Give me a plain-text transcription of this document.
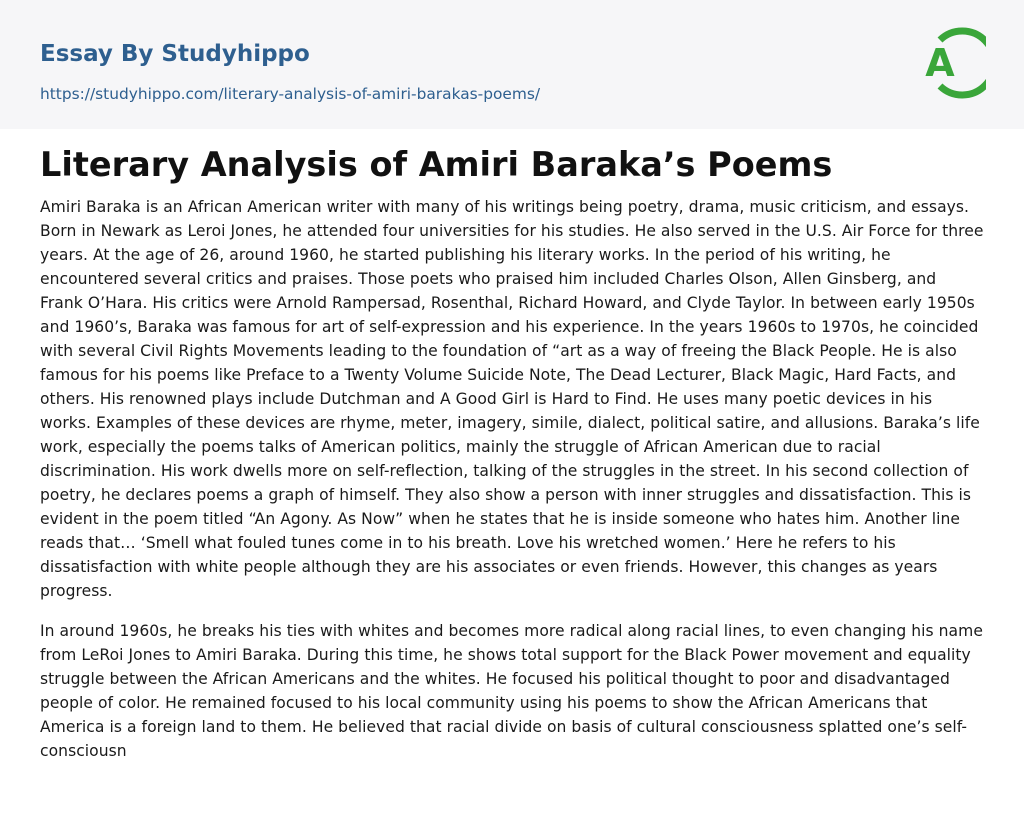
Essay By Studyhippo
https://studyhippo.com/literary-analysis-of-amiri-barakas-poems/
A
Literary Analysis of Amiri Baraka’s Poems

Amiri Baraka is an African American writer with many of his writings being poetry, drama, music criticism, and essays. Born in Newark as Leroi Jones, he attended four universities for his studies. He also served in the U.S. Air Force for three years. At the age of 26, around 1960, he started publishing his literary works. In the period of his writing, he encountered several critics and praises. Those poets who praised him included Charles Olson, Allen Ginsberg, and Frank O’Hara. His critics were Arnold Rampersad, Rosenthal, Richard Howard, and Clyde Taylor. In between early 1950s and 1960’s, Baraka was famous for art of self-expression and his experience. In the years 1960s to 1970s, he coincided with several Civil Rights Movements leading to the foundation of “art as a way of freeing the Black People. He is also famous for his poems like Preface to a Twenty Volume Suicide Note, The Dead Lecturer, Black Magic, Hard Facts, and others. His renowned plays include Dutchman and A Good Girl is Hard to Find. He uses many poetic devices in his works. Examples of these devices are rhyme, meter, imagery, simile, dialect, political satire, and allusions. Baraka’s life work, especially the poems talks of American politics, mainly the struggle of African American due to racial discrimination. His work dwells more on self-reflection, talking of the struggles in the street. In his second collection of poetry, he declares poems a graph of himself. They also show a person with inner struggles and dissatisfaction. This is evident in the poem titled “An Agony. As Now” when he states that he is inside someone who hates him. Another line reads that… ‘Smell what fouled tunes come in to his breath. Love his wretched women.’ Here he refers to his dissatisfaction with white people although they are his associates or even friends. However, this changes as years progress.

In around 1960s, he breaks his ties with whites and becomes more radical along racial lines, to even changing his name from LeRoi Jones to Amiri Baraka. During this time, he shows total support for the Black Power movement and equality struggle between the African Americans and the whites. He focused his political thought to poor and disadvantaged people of color. He remained focused to his local community using his poems to show the African Americans that America is a foreign land to them. He believed that racial divide on basis of cultural consciousness splatted one’s self-consciousn
